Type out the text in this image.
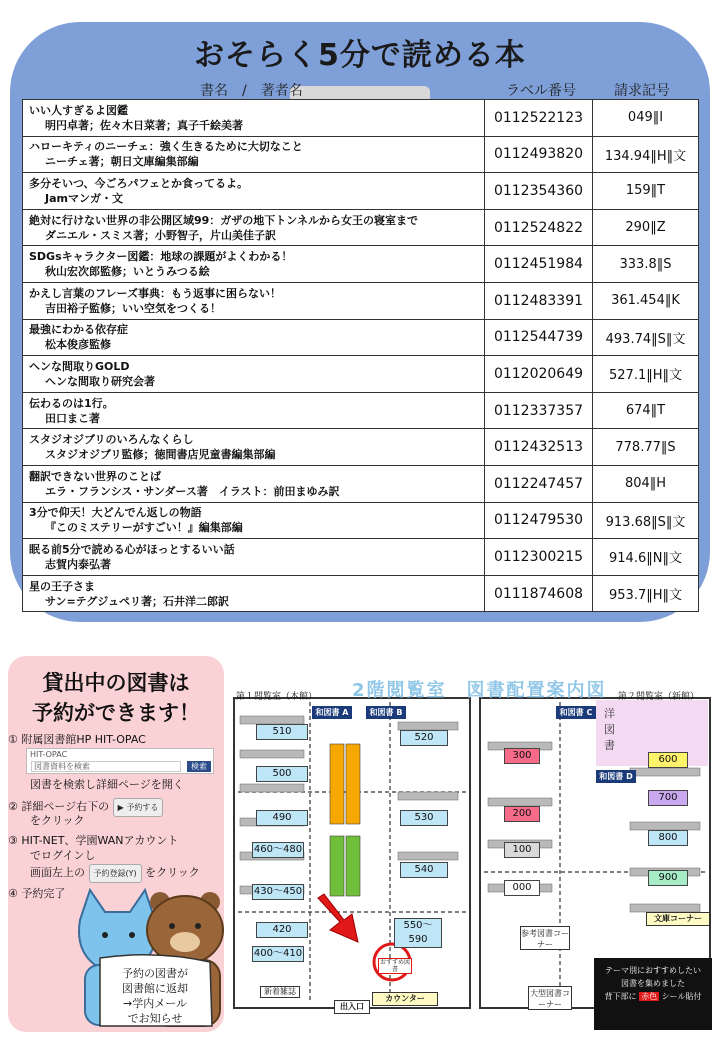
おそらく5分で読める本
書名　/　著者名	ラベル番号	請求記号
いい人すぎるよ図鑑
明円卓著；佐々木日菜著；真子千絵美著	0112522123	049‖I

ハローキティのニーチェ：強く生きるために大切なこと
ニーチェ著；朝日文庫編集部編	0112493820	134.94‖H‖文

多分そいつ、今ごろパフェとか食ってるよ。
Jamマンガ・文	0112354360	159‖T

絶対に行けない世界の非公開区域99：ガザの地下トンネルから女王の寝室まで
ダニエル・スミス著；小野智子，片山美佳子訳	0112524822	290‖Z

SDGsキャラクター図鑑：地球の課題がよくわかる！
秋山宏次郎監修；いとうみつる絵	0112451984	333.8‖S

かえし言葉のフレーズ事典：もう返事に困らない！
吉田裕子監修；いい空気をつくる！	0112483391	361.454‖K

最強にわかる依存症
松本俊彦監修	0112544739	493.74‖S‖文

ヘンな間取りGOLD
ヘンな間取り研究会著	0112020649	527.1‖H‖文

伝わるのは1行。
田口まこ著	0112337357	674‖T

スタジオジブリのいろんなくらし
スタジオジブリ監修；徳間書店児童書編集部編	0112432513	778.77‖S

翻訳できない世界のことば
エラ・フランシス・サンダース著　イラスト：前田まゆみ訳	0112247457	804‖H

3分で仰天！大どんでん返しの物語
『このミステリーがすごい！』編集部編	0112479530	913.68‖S‖文

眠る前5分で読める心がほっとするいい話
志賀内泰弘著	0112300215	914.6‖N‖文

星の王子さま
サン=テグジュペリ著；石井洋二郎訳	0111874608	953.7‖H‖文
貸出中の図書は
予約ができます！
① 附属図書館HP HIT-OPAC
HIT-OPAC
図書資料を検索	検索
図書を検索し詳細ページを開く
② 詳細ページ右下の ▶ 予約する
をクリック
③ HIT-NET、学園WANアカウント
でログインし
画面左上の 予約登録(Y) をクリック
④ 予約完了
予約の図書が
図書館に返却
→学内メール
でお知らせ
2階閲覧室　図書配置案内図
第１閲覧室（本館）	第２閲覧室（新館）
和図書 A	和図書 B	和図書 C
和図書 D
洋図書
510
500
490
460～480
430～450
420
400～410
520
530
540
550～590
300
200
100
000
600
700
800
900
文庫コーナー
参考図書コーナー
大型図書コーナー
カウンター
出入口
新着雑誌
おすすめ図書	テーマ別におすすめしたい
図書を集めました
背下部に 赤色 シール貼付
